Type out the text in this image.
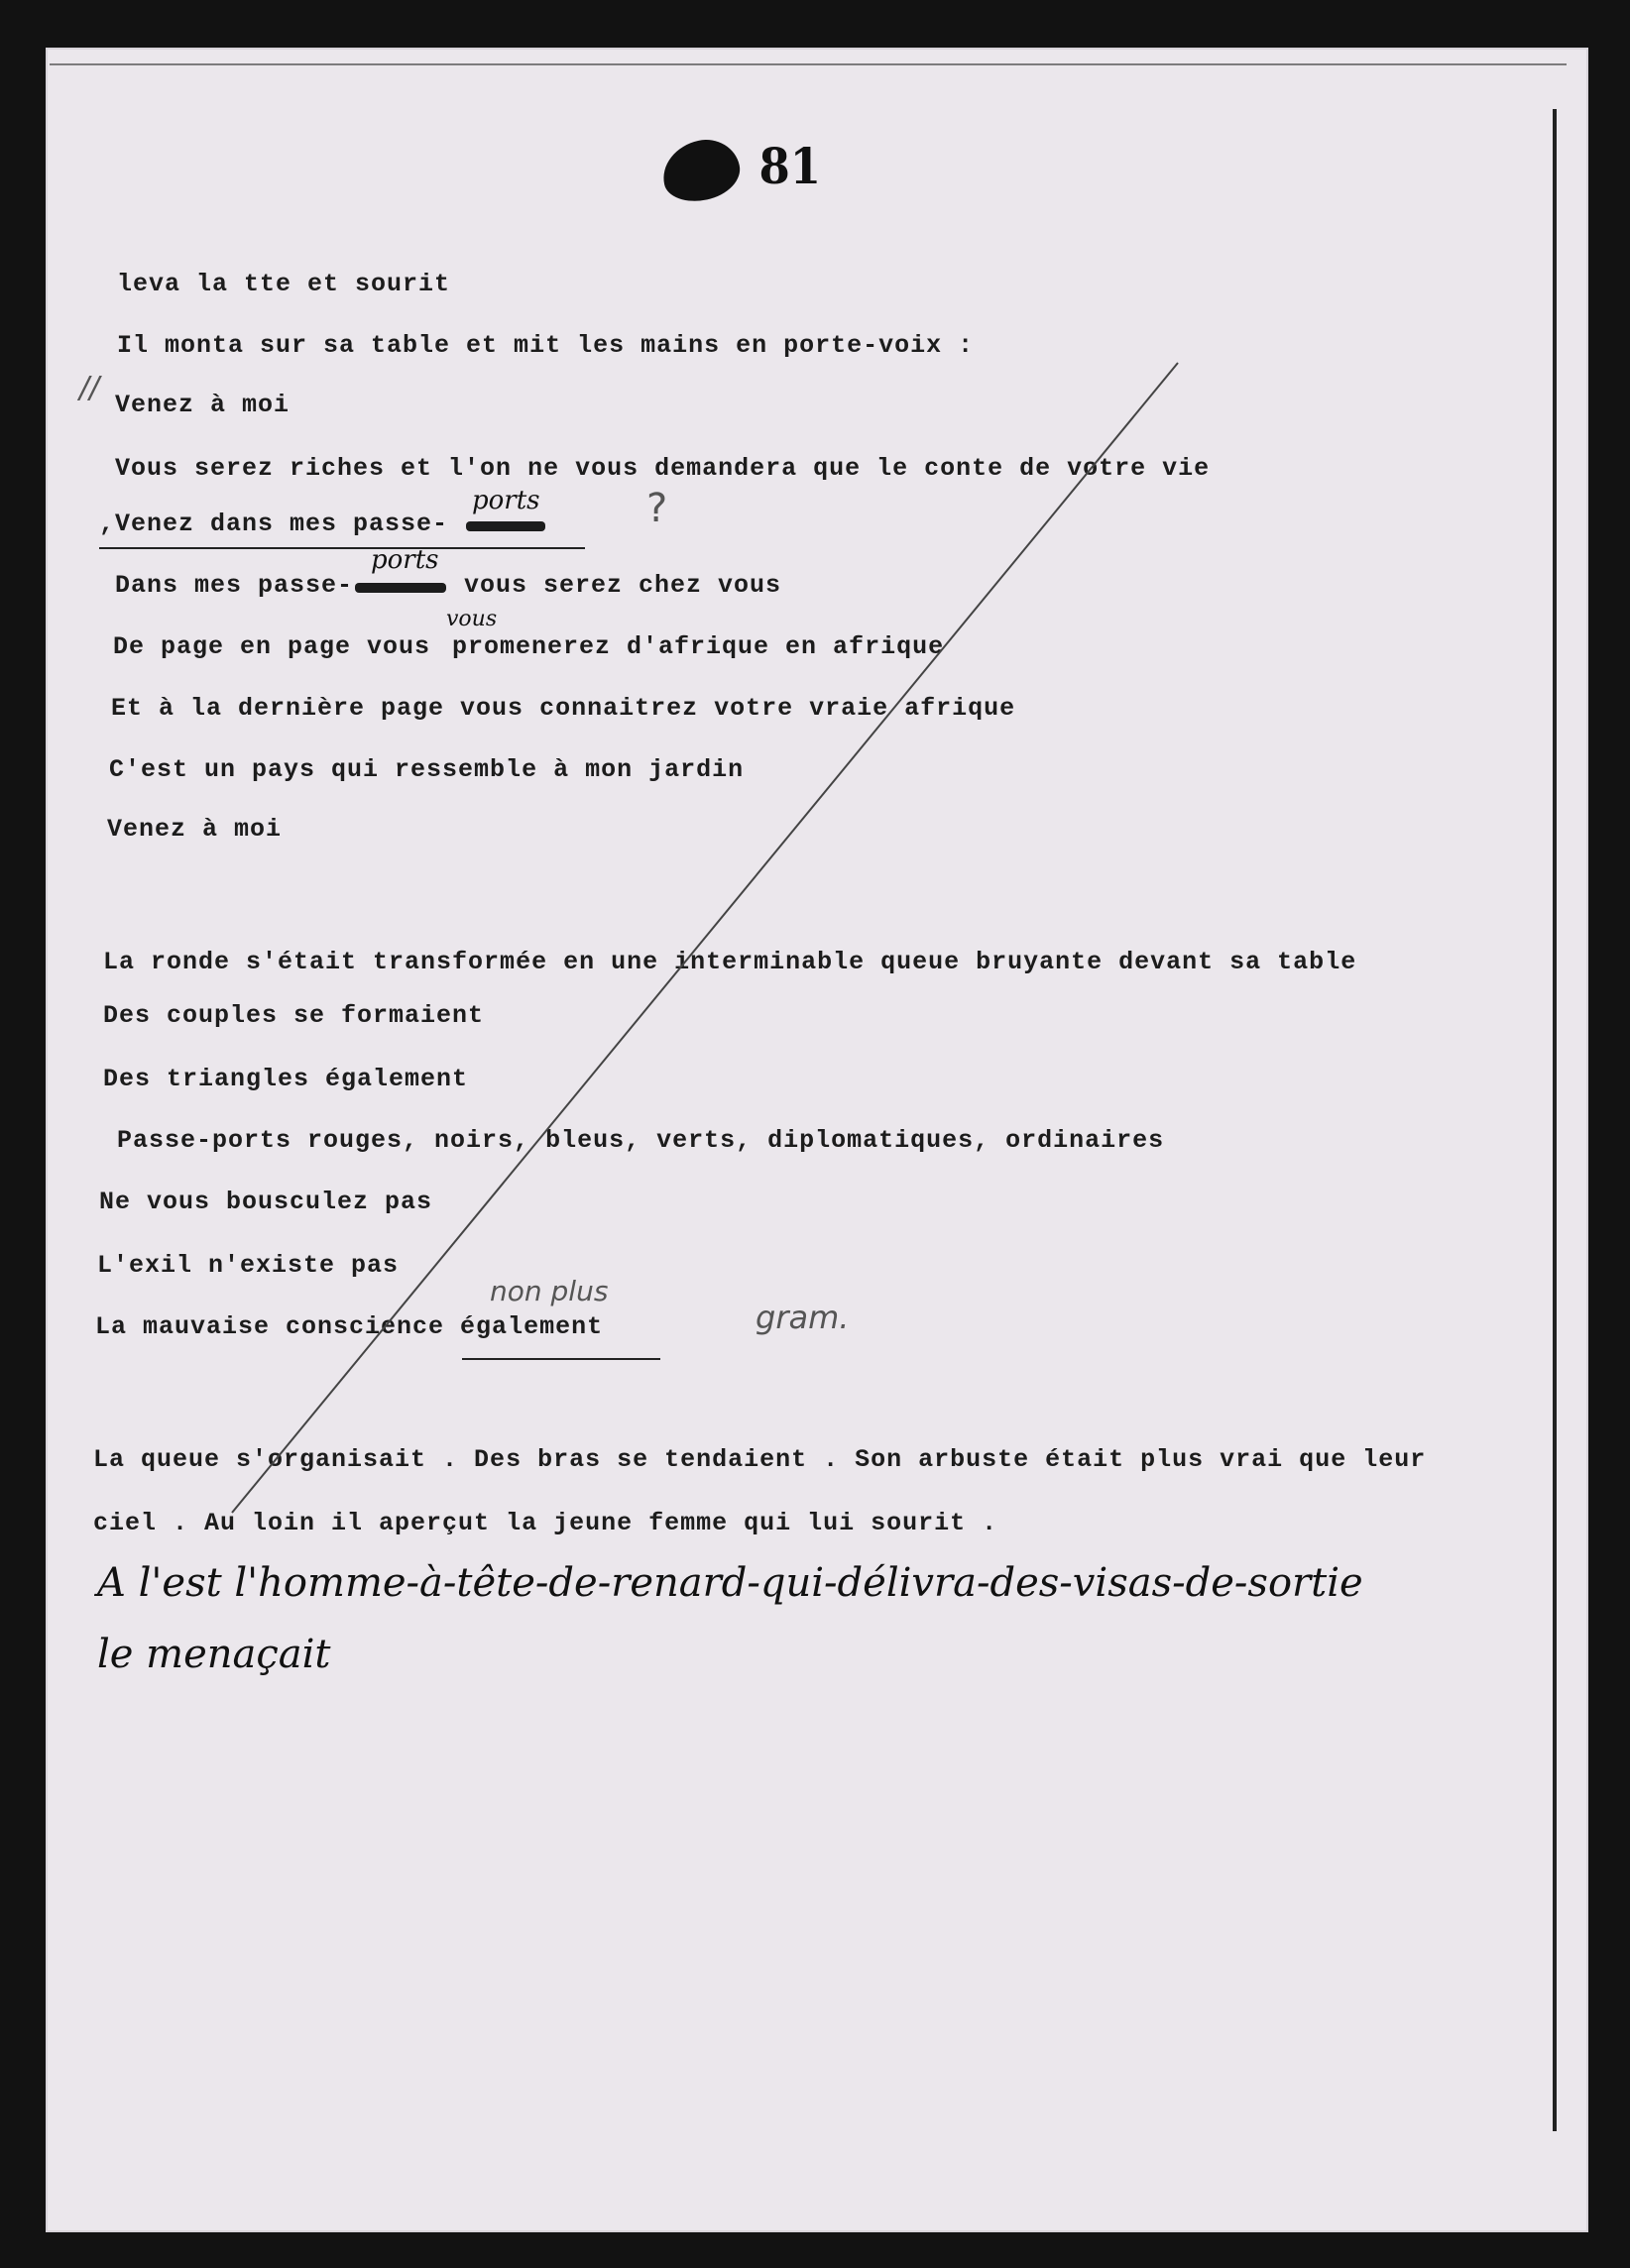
81
leva la tte et sourit
Il monta sur sa table et mit les mains en porte-voix :
Venez à moi
Vous serez riches et l'on ne vous demandera que le conte de votre vie
,Venez dans mes passe-
Dans mes passe-	vous serez chez vous
De page en page vous promenerez d'afrique en afrique
Et à la dernière page vous connaitrez votre vraie afrique
C'est un pays qui ressemble à mon jardin
Venez à moi
La ronde s'était transformée en une interminable queue bruyante devant sa table
Des couples se formaient
Des triangles également
Passe-ports rouges, noirs, bleus, verts, diplomatiques, ordinaires
Ne vous bousculez pas
L'exil n'existe pas
La mauvaise conscience également
La queue s'organisait . Des bras se tendaient . Son arbuste était plus vrai que leur
ciel . Au loin il aperçut la jeune femme qui lui sourit .
ports
ports
vous
?
//
non plus
gram.
A l'est l'homme-à-tête-de-renard-qui-délivra-des-visas-de-sortie
le menaçait
